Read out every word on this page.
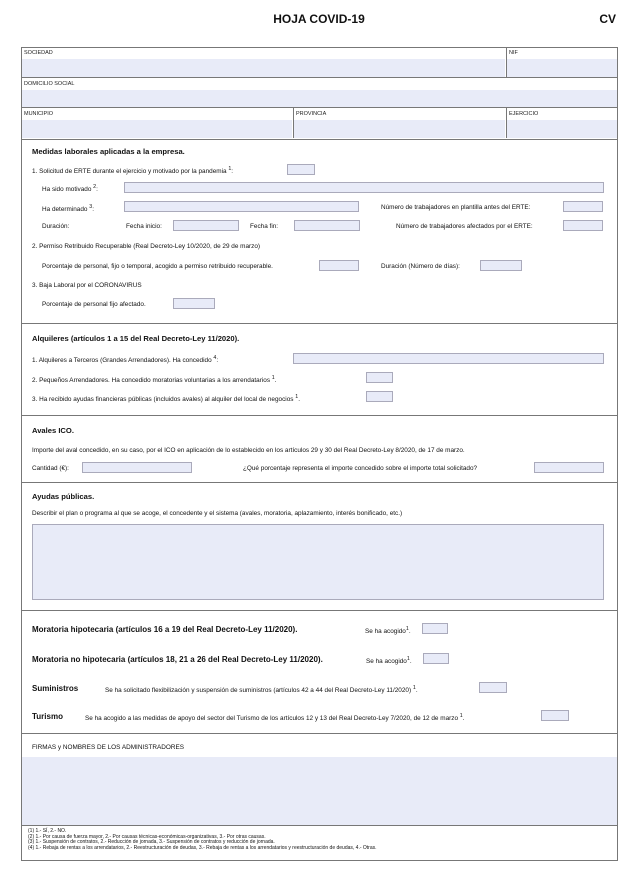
HOJA COVID-19	CV
SOCIEDAD	NIF
DOMICILIO SOCIAL
MUNICIPIO	PROVINCIA	EJERCICIO
Medidas laborales aplicadas a la empresa.
1. Solicitud de ERTE durante el ejercicio y motivado por la pandemia $^1$:
Ha sido motivado $^2$:
Ha determinado $^3$:	Número de trabajadores en plantilla antes del ERTE:
Duración:	Fecha inicio:	Fecha fin:	Número de trabajadores afectados por el ERTE:
2. Permiso Retribuido Recuperable (Real Decreto-Ley 10/2020, de 29 de marzo)
Porcentaje de personal, fijo o temporal, acogido a permiso retribuido recuperable.	Duración (Número de días):
3. Baja Laboral por el CORONAVIRUS
Porcentaje de personal fijo afectado.
Alquileres (artículos 1 a 15 del Real Decreto-Ley 11/2020).
1. Alquileres a Terceros (Grandes Arrendadores). Ha concedido $^4$:
2. Pequeños Arrendadores. Ha concedido moratorias voluntarias a los arrendatarios $^1$.
3. Ha recibido ayudas financieras públicas (incluidos avales) al alquiler del local de negocios $^1$.
Avales ICO.
Importe del aval concedido, en su caso, por el ICO en aplicación de lo establecido en los artículos 29 y 30 del Real Decreto-Ley 8/2020, de 17 de marzo.
Cantidad (€):	¿Qué porcentaje representa el importe concedido sobre el importe total solicitado?
Ayudas públicas.
Describir el plan o programa al que se acoge, el concedente y el sistema (avales, moratoria, aplazamiento, interés bonificado, etc.)
Moratoria hipotecaria (artículos 16 a 19 del Real Decreto-Ley 11/2020).	Se ha acogido$^1$.
Moratoria no hipotecaria (artículos 18, 21 a 26 del Real Decreto-Ley 11/2020).	Se ha acogido$^1$.
Suministros	Se ha solicitado flexibilización y suspensión de suministros (artículos 42 a 44 del Real Decreto-Ley 11/2020) $^1$.
Turismo	Se ha acogido a las medidas de apoyo del sector del Turismo de los artículos 12 y 13 del Real Decreto-Ley 7/2020, de 12 de marzo $^1$.
FIRMAS y NOMBRES DE LOS ADMINISTRADORES
(1) 1.- SÍ, 2.- NO.
(2) 1.- Por causa de fuerza mayor, 2.- Por causas técnicas-económicas-organizativas, 3.- Por otras causas.
(3) 1.- Suspensión de contratos, 2.- Reducción de jornada, 3.- Suspensión de contratos y reducción de jornada.
(4) 1.- Rebaja de rentas a los arrendatarios, 2.- Reestructuración de deudas, 3.- Rebaja de rentas a los arrendatarios y reestructuración de deudas, 4.- Otras.
